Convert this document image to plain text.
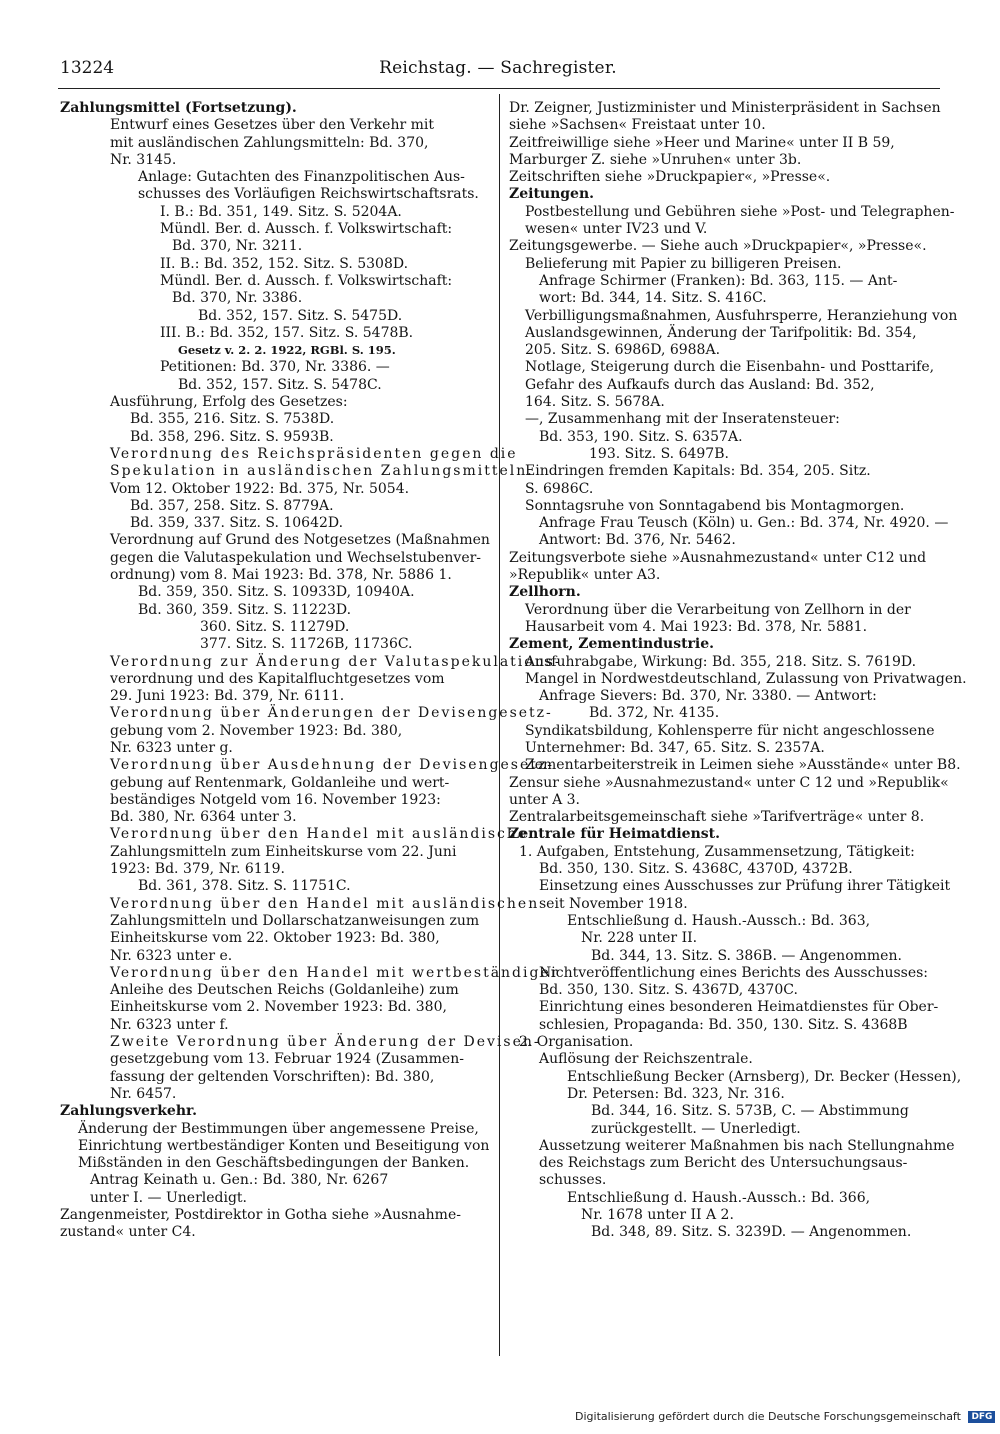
13224	Reichstag. — Sachregister.
Zahlungsmittel (Fortsetzung).
Entwurf eines Gesetzes über den Verkehr mit
mit ausländischen Zahlungsmitteln: Bd. 370,
Nr. 3145.
Anlage: Gutachten des Finanzpolitischen Aus-
schusses des Vorläufigen Reichswirtschaftsrats.
I. B.: Bd. 351, 149. Sitz. S. 5204A.
Mündl. Ber. d. Aussch. f. Volkswirtschaft:
Bd. 370, Nr. 3211.
II. B.: Bd. 352, 152. Sitz. S. 5308D.
Mündl. Ber. d. Aussch. f. Volkswirtschaft:
Bd. 370, Nr. 3386.
Bd. 352, 157. Sitz. S. 5475D.
III. B.: Bd. 352, 157. Sitz. S. 5478B.
Gesetz v. 2. 2. 1922, RGBl. S. 195.
Petitionen: Bd. 370, Nr. 3386. —
Bd. 352, 157. Sitz. S. 5478C.
Ausführung, Erfolg des Gesetzes:
Bd. 355, 216. Sitz. S. 7538D.
Bd. 358, 296. Sitz. S. 9593B.
Verordnung des Reichspräsidenten gegen die
Spekulation in ausländischen Zahlungsmitteln.
Vom 12. Oktober 1922: Bd. 375, Nr. 5054.
Bd. 357, 258. Sitz. S. 8779A.
Bd. 359, 337. Sitz. S. 10642D.
Verordnung auf Grund des Notgesetzes (Maßnahmen
gegen die Valutaspekulation und Wechselstubenver-
ordnung) vom 8. Mai 1923: Bd. 378, Nr. 5886 1.
Bd. 359, 350. Sitz. S. 10933D, 10940A.
Bd. 360, 359. Sitz. S. 11223D.
360. Sitz. S. 11279D.
377. Sitz. S. 11726B, 11736C.
Verordnung zur Änderung der Valutaspekulations-
verordnung und des Kapitalfluchtgesetzes vom
29. Juni 1923: Bd. 379, Nr. 6111.
Verordnung über Änderungen der Devisengesetz-
gebung vom 2. November 1923: Bd. 380,
Nr. 6323 unter g.
Verordnung über Ausdehnung der Devisengesetz-
gebung auf Rentenmark, Goldanleihe und wert-
beständiges Notgeld vom 16. November 1923:
Bd. 380, Nr. 6364 unter 3.
Verordnung über den Handel mit ausländischen
Zahlungsmitteln zum Einheitskurse vom 22. Juni
1923: Bd. 379, Nr. 6119.
Bd. 361, 378. Sitz. S. 11751C.
Verordnung über den Handel mit ausländischen
Zahlungsmitteln und Dollarschatzanweisungen zum
Einheitskurse vom 22. Oktober 1923: Bd. 380,
Nr. 6323 unter e.
Verordnung über den Handel mit wertbeständiger
Anleihe des Deutschen Reichs (Goldanleihe) zum
Einheitskurse vom 2. November 1923: Bd. 380,
Nr. 6323 unter f.
Zweite Verordnung über Änderung der Devisen-
gesetzgebung vom 13. Februar 1924 (Zusammen-
fassung der geltenden Vorschriften): Bd. 380,
Nr. 6457.
Zahlungsverkehr.
Änderung der Bestimmungen über angemessene Preise,
Einrichtung wertbeständiger Konten und Beseitigung von
Mißständen in den Geschäftsbedingungen der Banken.
Antrag Keinath u. Gen.: Bd. 380, Nr. 6267
unter I. — Unerledigt.
Zangenmeister, Postdirektor in Gotha siehe »Ausnahme-
zustand« unter C4.
Dr. Zeigner, Justizminister und Ministerpräsident in Sachsen
siehe »Sachsen« Freistaat unter 10.
Zeitfreiwillige siehe »Heer und Marine« unter II B 59,
Marburger Z. siehe »Unruhen« unter 3b.
Zeitschriften siehe »Druckpapier«, »Presse«.
Zeitungen.
Postbestellung und Gebühren siehe »Post- und Telegraphen-
wesen« unter IV23 und V.
Zeitungsgewerbe. — Siehe auch »Druckpapier«, »Presse«.
Belieferung mit Papier zu billigeren Preisen.
Anfrage Schirmer (Franken): Bd. 363, 115. — Ant-
wort: Bd. 344, 14. Sitz. S. 416C.
Verbilligungsmaßnahmen, Ausfuhrsperre, Heranziehung von
Auslandsgewinnen, Änderung der Tarifpolitik: Bd. 354,
205. Sitz. S. 6986D, 6988A.
Notlage, Steigerung durch die Eisenbahn- und Posttarife,
Gefahr des Aufkaufs durch das Ausland: Bd. 352,
164. Sitz. S. 5678A.
—, Zusammenhang mit der Inseratensteuer:
Bd. 353, 190. Sitz. S. 6357A.
193. Sitz. S. 6497B.
Eindringen fremden Kapitals: Bd. 354, 205. Sitz.
S. 6986C.
Sonntagsruhe von Sonntagabend bis Montagmorgen.
Anfrage Frau Teusch (Köln) u. Gen.: Bd. 374, Nr. 4920. —
Antwort: Bd. 376, Nr. 5462.
Zeitungsverbote siehe »Ausnahmezustand« unter C12 und
»Republik« unter A3.
Zellhorn.
Verordnung über die Verarbeitung von Zellhorn in der
Hausarbeit vom 4. Mai 1923: Bd. 378, Nr. 5881.
Zement, Zementindustrie.
Ausfuhrabgabe, Wirkung: Bd. 355, 218. Sitz. S. 7619D.
Mangel in Nordwestdeutschland, Zulassung von Privatwagen.
Anfrage Sievers: Bd. 370, Nr. 3380. — Antwort:
Bd. 372, Nr. 4135.
Syndikatsbildung, Kohlensperre für nicht angeschlossene
Unternehmer: Bd. 347, 65. Sitz. S. 2357A.
Zementarbeiterstreik in Leimen siehe »Ausstände« unter B8.
Zensur siehe »Ausnahmezustand« unter C 12 und »Republik«
unter A 3.
Zentralarbeitsgemeinschaft siehe »Tarifverträge« unter 8.
Zentrale für Heimatdienst.
1. Aufgaben, Entstehung, Zusammensetzung, Tätigkeit:
Bd. 350, 130. Sitz. S. 4368C, 4370D, 4372B.
Einsetzung eines Ausschusses zur Prüfung ihrer Tätigkeit
seit November 1918.
Entschließung d. Haush.-Aussch.: Bd. 363,
Nr. 228 unter II.
Bd. 344, 13. Sitz. S. 386B. — Angenommen.
Nichtveröffentlichung eines Berichts des Ausschusses:
Bd. 350, 130. Sitz. S. 4367D, 4370C.
Einrichtung eines besonderen Heimatdienstes für Ober-
schlesien, Propaganda: Bd. 350, 130. Sitz. S. 4368B
2. Organisation.
Auflösung der Reichszentrale.
Entschließung Becker (Arnsberg), Dr. Becker (Hessen),
Dr. Petersen: Bd. 323, Nr. 316.
Bd. 344, 16. Sitz. S. 573B, C. — Abstimmung
zurückgestellt. — Unerledigt.
Aussetzung weiterer Maßnahmen bis nach Stellungnahme
des Reichstags zum Bericht des Untersuchungsaus-
schusses.
Entschließung d. Haush.-Aussch.: Bd. 366,
Nr. 1678 unter II A 2.
Bd. 348, 89. Sitz. S. 3239D. — Angenommen.
Digitalisierung gefördert durch die Deutsche Forschungsgemeinschaft DFG
